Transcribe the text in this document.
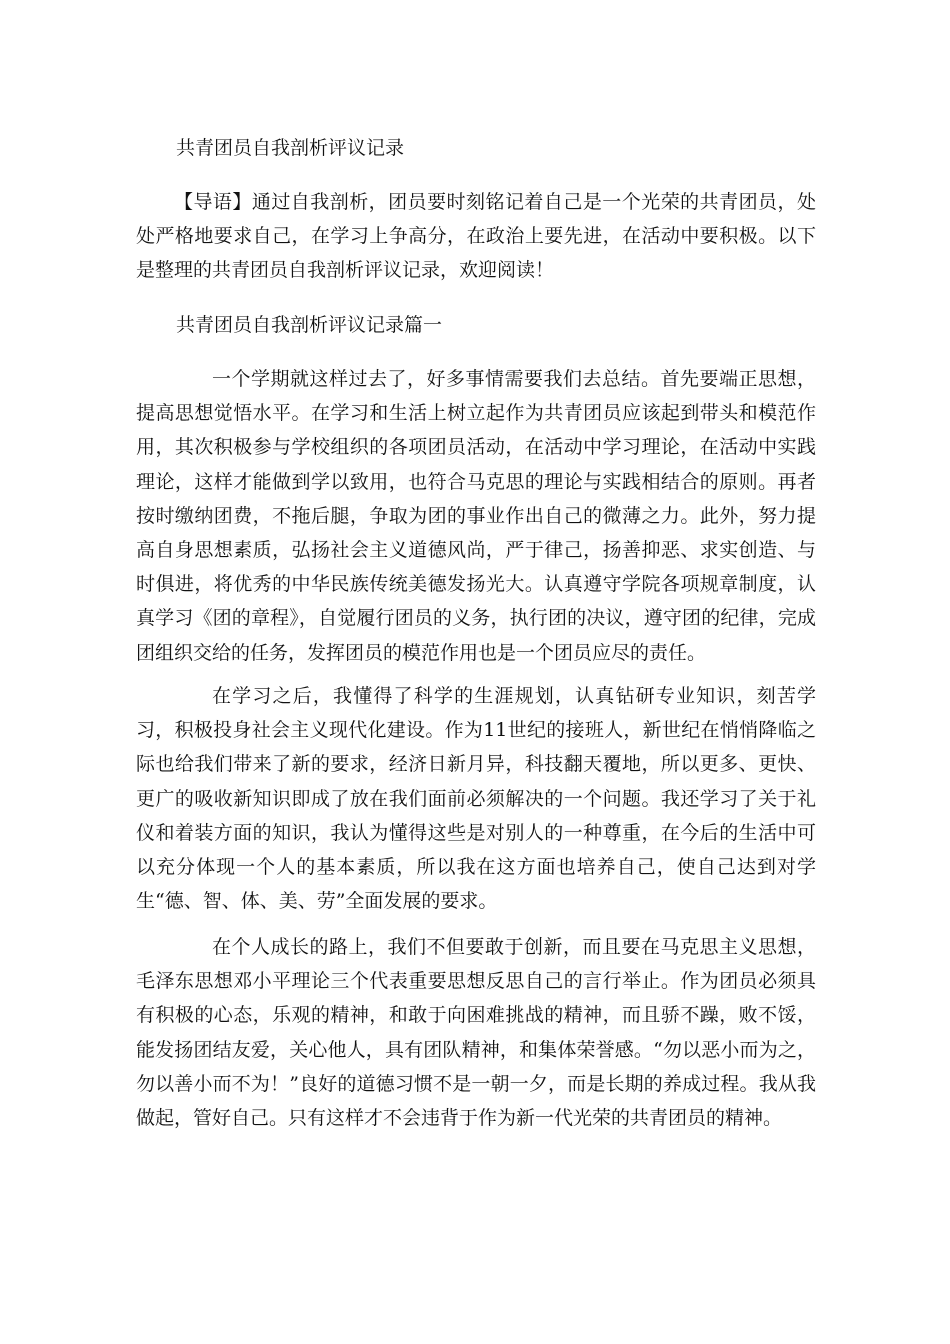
共青团员自我剖析评议记录

【导语】通过自我剖析，团员要时刻铭记着自己是一个光荣的共青团员，处处严格地要求自己，在学习上争高分，在政治上要先进，在活动中要积极。以下是整理的共青团员自我剖析评议记录，欢迎阅读！

共青团员自我剖析评议记录篇一

一个学期就这样过去了，好多事情需要我们去总结。首先要端正思想，提高思想觉悟水平。在学习和生活上树立起作为共青团员应该起到带头和模范作用，其次积极参与学校组织的各项团员活动，在活动中学习理论，在活动中实践理论，这样才能做到学以致用，也符合马克思的理论与实践相结合的原则。再者按时缴纳团费，不拖后腿，争取为团的事业作出自己的微薄之力。此外，努力提高自身思想素质，弘扬社会主义道德风尚，严于律己，扬善抑恶、求实创造、与时俱进，将优秀的中华民族传统美德发扬光大。认真遵守学院各项规章制度，认真学习《团的章程》，自觉履行团员的义务，执行团的决议，遵守团的纪律，完成团组织交给的任务，发挥团员的模范作用也是一个团员应尽的责任。

在学习之后，我懂得了科学的生涯规划，认真钻研专业知识，刻苦学习，积极投身社会主义现代化建设。作为11世纪的接班人，新世纪在悄悄降临之际也给我们带来了新的要求，经济日新月异，科技翻天覆地，所以更多、更快、更广的吸收新知识即成了放在我们面前必须解决的一个问题。我还学习了关于礼仪和着装方面的知识，我认为懂得这些是对别人的一种尊重，在今后的生活中可以充分体现一个人的基本素质，所以我在这方面也培养自己，使自己达到对学生“德、智、体、美、劳”全面发展的要求。

在个人成长的路上，我们不但要敢于创新，而且要在马克思主义思想，毛泽东思想邓小平理论三个代表重要思想反思自己的言行举止。作为团员必须具有积极的心态，乐观的精神，和敢于向困难挑战的精神，而且骄不躁，败不馁，能发扬团结友爱，关心他人，具有团队精神，和集体荣誉感。“勿以恶小而为之，勿以善小而不为！”良好的道德习惯不是一朝一夕，而是长期的养成过程。我从我做起，管好自己。只有这样才不会违背于作为新一代光荣的共青团员的精神。
